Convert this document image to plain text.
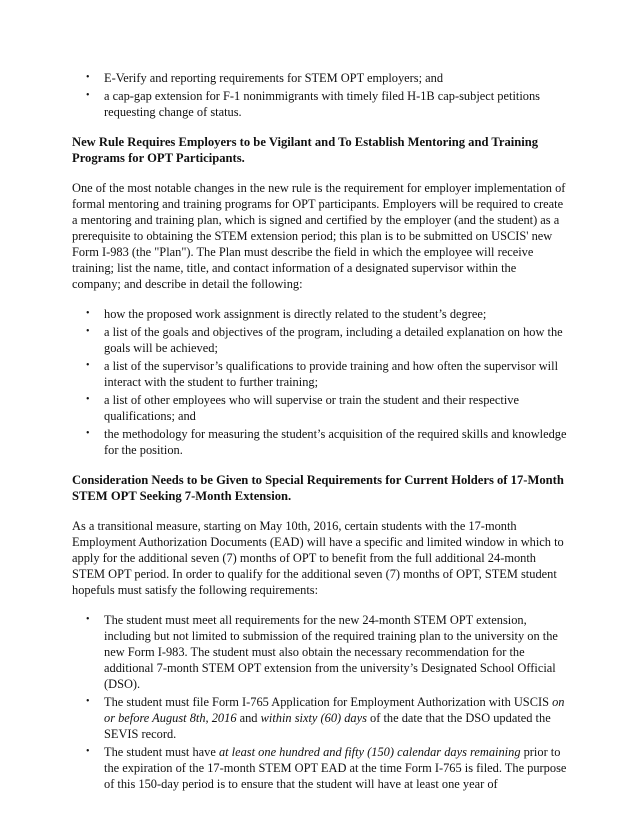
• E-Verify and reporting requirements for STEM OPT employers; and
• a cap-gap extension for F-1 nonimmigrants with timely filed H-1B cap-subject petitions requesting change of status.
New Rule Requires Employers to be Vigilant and To Establish Mentoring and Training Programs for OPT Participants.

One of the most notable changes in the new rule is the requirement for employer implementation of formal mentoring and training programs for OPT participants. Employers will be required to create a mentoring and training plan, which is signed and certified by the employer (and the student) as a prerequisite to obtaining the STEM extension period; this plan is to be submitted on USCIS' new Form I-983 (the "Plan"). The Plan must describe the field in which the employee will receive training; list the name, title, and contact information of a designated supervisor within the company; and describe in detail the following:

• how the proposed work assignment is directly related to the student’s degree;
• a list of the goals and objectives of the program, including a detailed explanation on how the goals will be achieved;
• a list of the supervisor’s qualifications to provide training and how often the supervisor will interact with the student to further training;
• a list of other employees who will supervise or train the student and their respective qualifications; and
• the methodology for measuring the student’s acquisition of the required skills and knowledge for the position.
Consideration Needs to be Given to Special Requirements for Current Holders of 17-Month STEM OPT Seeking 7-Month Extension.

As a transitional measure, starting on May 10th, 2016, certain students with the 17-month Employment Authorization Documents (EAD) will have a specific and limited window in which to apply for the additional seven (7) months of OPT to benefit from the full additional 24-month STEM OPT period. In order to qualify for the additional seven (7) months of OPT, STEM student hopefuls must satisfy the following requirements:

• The student must meet all requirements for the new 24-month STEM OPT extension, including but not limited to submission of the required training plan to the university on the new Form I-983. The student must also obtain the necessary recommendation for the additional 7-month STEM OPT extension from the university’s Designated School Official (DSO).
• The student must file Form I-765 Application for Employment Authorization with USCIS on or before August 8th, 2016 and within sixty (60) days of the date that the DSO updated the SEVIS record.
• The student must have at least one hundred and fifty (150) calendar days remaining prior to the expiration of the 17-month STEM OPT EAD at the time Form I-765 is filed. The purpose of this 150-day period is to ensure that the student will have at least one year of
